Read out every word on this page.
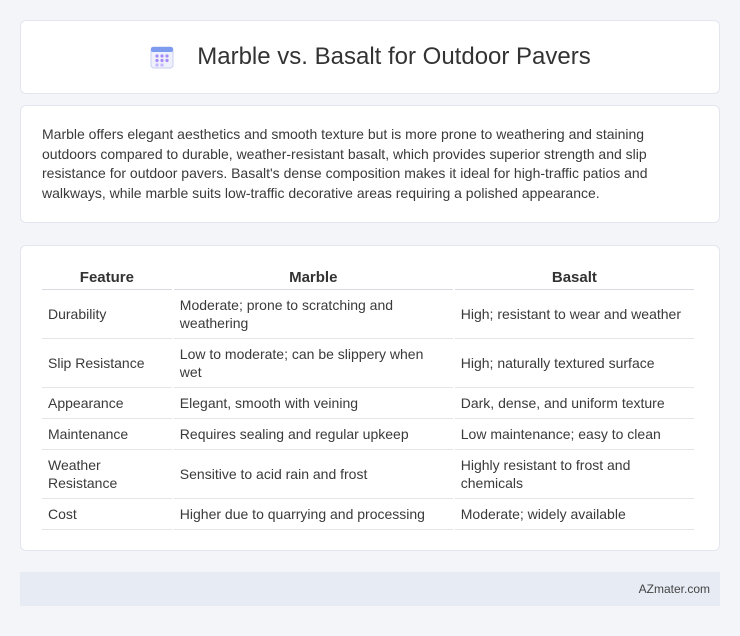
Marble vs. Basalt for Outdoor Pavers

Marble offers elegant aesthetics and smooth texture but is more prone to weathering and staining outdoors compared to durable, weather-resistant basalt, which provides superior strength and slip resistance for outdoor pavers. Basalt's dense composition makes it ideal for high-traffic patios and walkways, while marble suits low-traffic decorative areas requiring a polished appearance.

Feature	Marble	Basalt
Durability	Moderate; prone to scratching and weathering	High; resistant to wear and weather
Slip Resistance	Low to moderate; can be slippery when wet	High; naturally textured surface
Appearance	Elegant, smooth with veining	Dark, dense, and uniform texture
Maintenance	Requires sealing and regular upkeep	Low maintenance; easy to clean
Weather Resistance	Sensitive to acid rain and frost	Highly resistant to frost and chemicals
Cost	Higher due to quarrying and processing	Moderate; widely available
AZmater.com
